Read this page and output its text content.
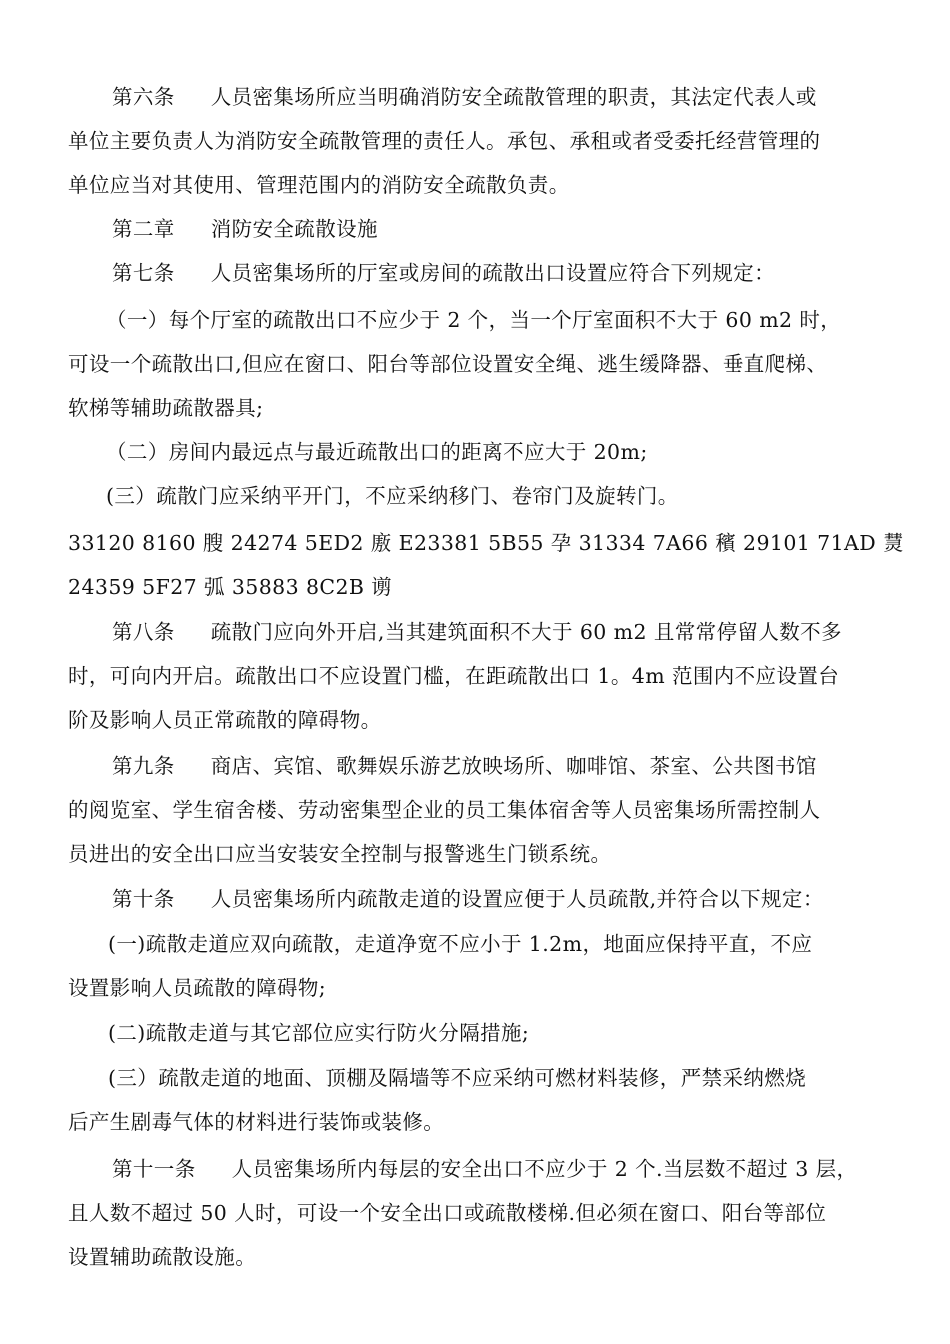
第六条 人员密集场所应当明确消防安全疏散管理的职责，其法定代表人或
单位主要负责人为消防安全疏散管理的责任人。承包、承租或者受委托经营管理的
单位应当对其使用、管理范围内的消防安全疏散负责。
第二章 消防安全疏散设施
第七条 人员密集场所的厅室或房间的疏散出口设置应符合下列规定：
（一）每个厅室的疏散出口不应少于 2 个，当一个厅室面积不大于 60 m2 时，
可设一个疏散出口,但应在窗口、阳台等部位设置安全绳、逃生缓降器、垂直爬梯、
软梯等辅助疏散器具;
（二）房间内最远点与最近疏散出口的距离不应大于 20m;
(三）疏散门应采纳平开门，不应采纳移门、卷帘门及旋转门。
33120 8160 膄 24274 5ED2 廒 E23381 5B55 孕 31334 7A66 穦 29101 71AD 熭
24359 5F27 弧 35883 8C2B 谫
第八条 疏散门应向外开启,当其建筑面积不大于 60 m2 且常常停留人数不多
时，可向内开启。疏散出口不应设置门槛，在距疏散出口 1。4m 范围内不应设置台
阶及影响人员正常疏散的障碍物。
第九条 商店、宾馆、歌舞娱乐游艺放映场所、咖啡馆、茶室、公共图书馆
的阅览室、学生宿舍楼、劳动密集型企业的员工集体宿舍等人员密集场所需控制人
员进出的安全出口应当安装安全控制与报警逃生门锁系统。
第十条 人员密集场所内疏散走道的设置应便于人员疏散,并符合以下规定：
(一)疏散走道应双向疏散，走道净宽不应小于 1.2m，地面应保持平直，不应
设置影响人员疏散的障碍物;
(二)疏散走道与其它部位应实行防火分隔措施;
(三）疏散走道的地面、顶棚及隔墙等不应采纳可燃材料装修，严禁采纳燃烧
后产生剧毒气体的材料进行装饰或装修。
第十一条 人员密集场所内每层的安全出口不应少于 2 个.当层数不超过 3 层，
且人数不超过 50 人时，可设一个安全出口或疏散楼梯.但必须在窗口、阳台等部位
设置辅助疏散设施。
